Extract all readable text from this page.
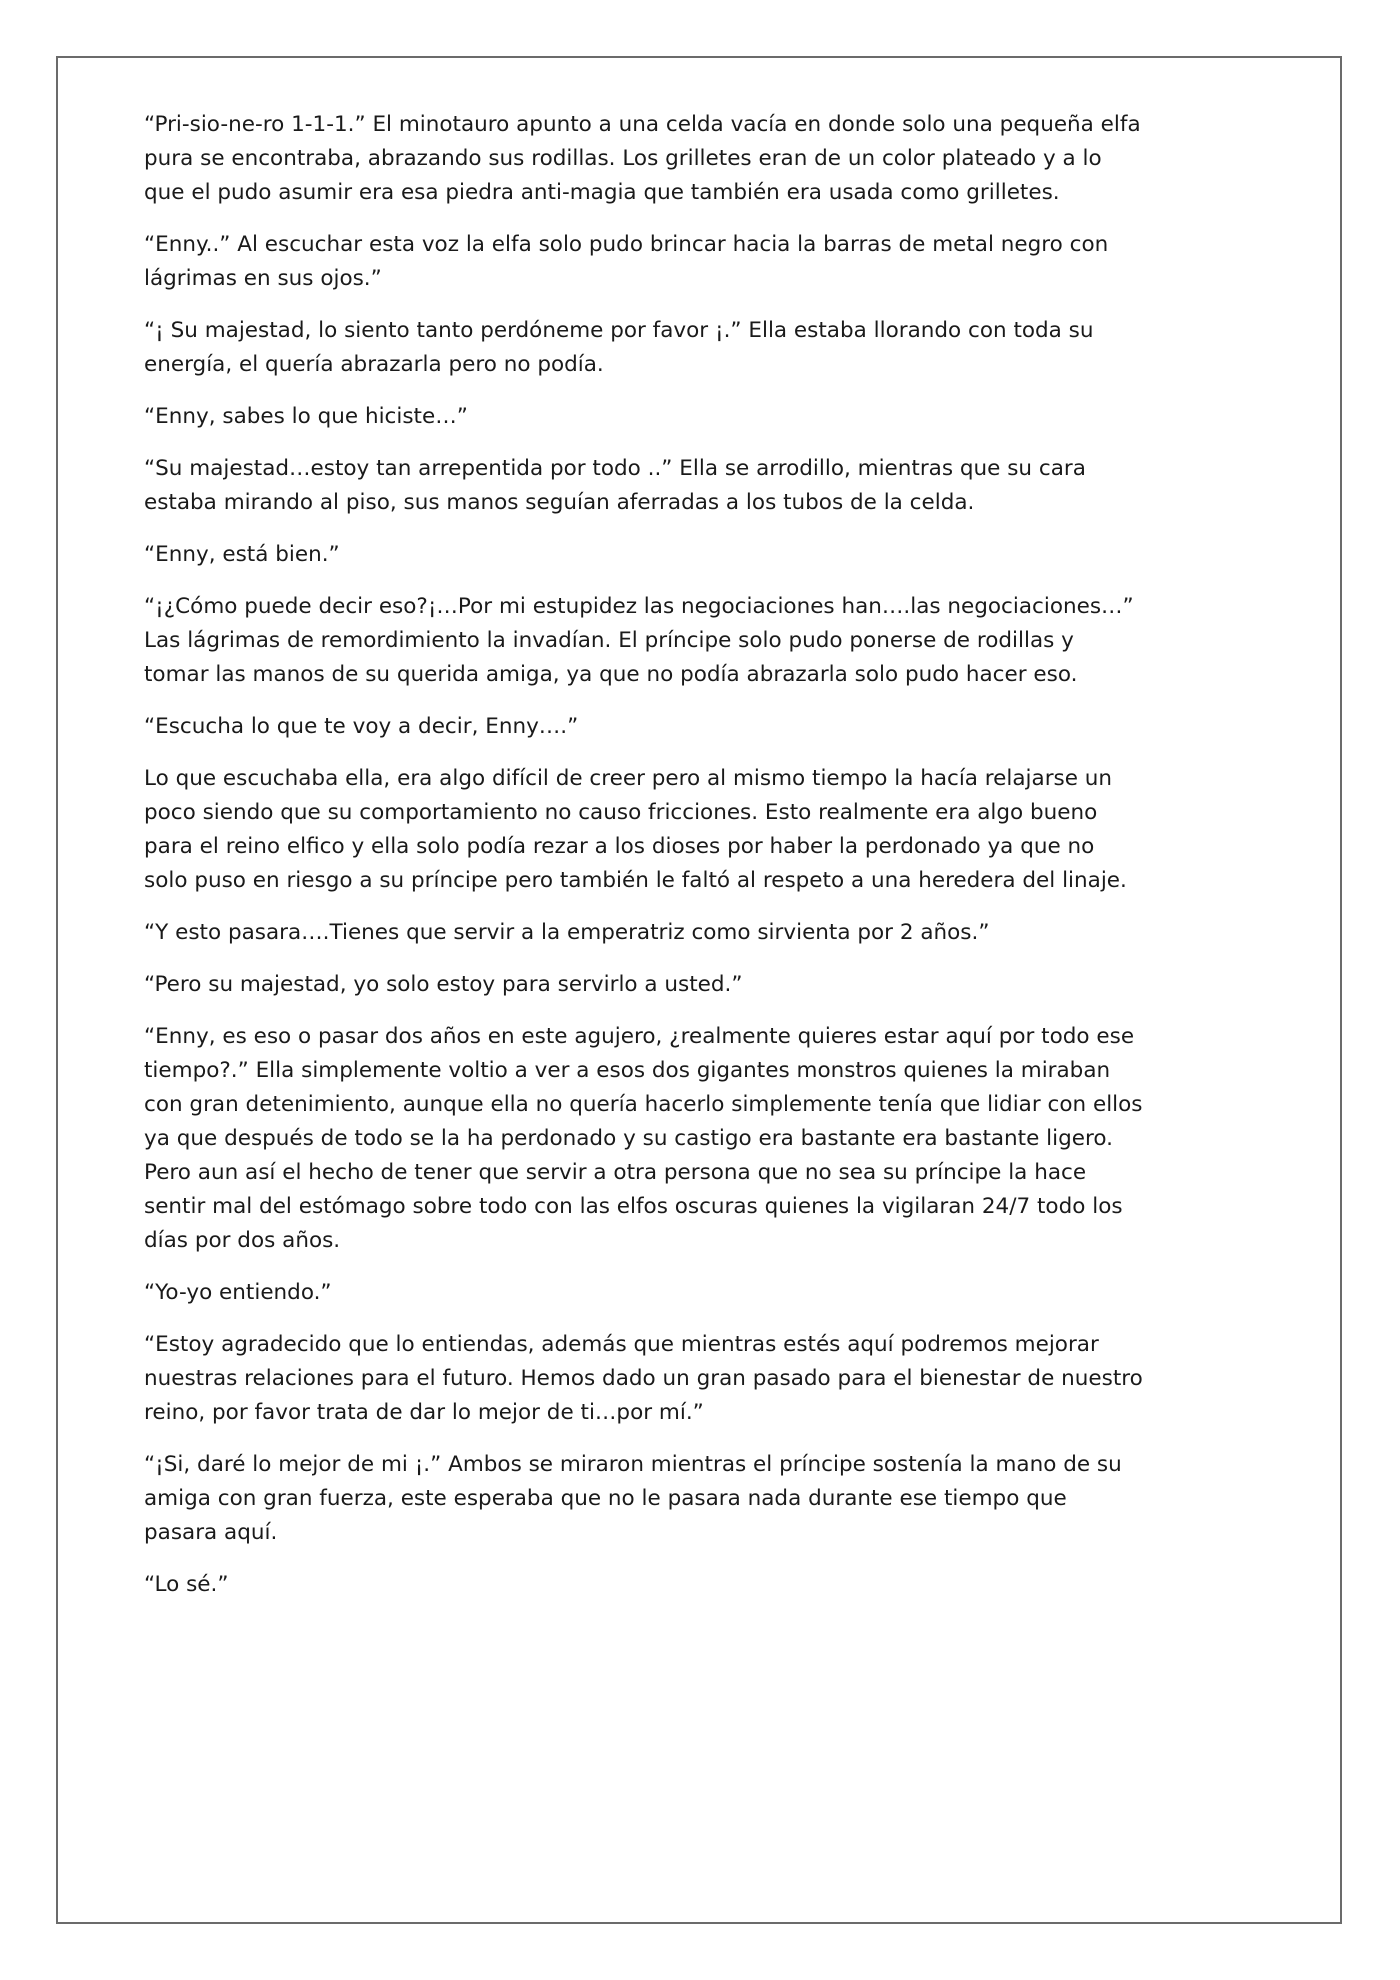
“Pri-sio-ne-ro 1-1-1.” El minotauro apunto a una celda vacía en donde solo una pequeña elfa pura se encontraba, abrazando sus rodillas. Los grilletes eran de un color plateado y a lo que el pudo asumir era esa piedra anti-magia que también era usada como grilletes.

“Enny..” Al escuchar esta voz la elfa solo pudo brincar hacia la barras de metal negro con lágrimas en sus ojos.”

“¡ Su majestad, lo siento tanto perdóneme por favor ¡.” Ella estaba llorando con toda su energía, el quería abrazarla pero no podía.

“Enny, sabes lo que hiciste…”

“Su majestad…estoy tan arrepentida por todo ..” Ella se arrodillo, mientras que su cara estaba mirando al piso, sus manos seguían aferradas a los tubos de la celda.

“Enny, está bien.”

“¡¿Cómo puede decir eso?¡…Por mi estupidez las negociaciones han….las negociaciones…” Las lágrimas de remordimiento la invadían. El príncipe solo pudo ponerse de rodillas y tomar las manos de su querida amiga, ya que no podía abrazarla solo pudo hacer eso.

“Escucha lo que te voy a decir, Enny….”

Lo que escuchaba ella, era algo difícil de creer pero al mismo tiempo la hacía relajarse un poco siendo que su comportamiento no causo fricciones. Esto realmente era algo bueno para el reino elfico y ella solo podía rezar a los dioses por haber la perdonado ya que no solo puso en riesgo a su príncipe pero también le faltó al respeto a una heredera del linaje.

“Y esto pasara….Tienes que servir a la emperatriz como sirvienta por 2 años.”

“Pero su majestad, yo solo estoy para servirlo a usted.”

“Enny, es eso o pasar dos años en este agujero, ¿realmente quieres estar aquí por todo ese tiempo?.” Ella simplemente voltio a ver a esos dos gigantes monstros quienes la miraban con gran detenimiento, aunque ella no quería hacerlo simplemente tenía que lidiar con ellos ya que después de todo se la ha perdonado y su castigo era bastante era bastante ligero. Pero aun así el hecho de tener que servir a otra persona que no sea su príncipe la hace sentir mal del estómago sobre todo con las elfos oscuras quienes la vigilaran 24/7 todo los días por dos años.

“Yo-yo entiendo.”

“Estoy agradecido que lo entiendas, además que mientras estés aquí podremos mejorar nuestras relaciones para el futuro. Hemos dado un gran pasado para el bienestar de nuestro reino, por favor trata de dar lo mejor de ti…por mí.”

“¡Si, daré lo mejor de mi ¡.” Ambos se miraron mientras el príncipe sostenía la mano de su amiga con gran fuerza, este esperaba que no le pasara nada durante ese tiempo que pasara aquí.

“Lo sé.”
